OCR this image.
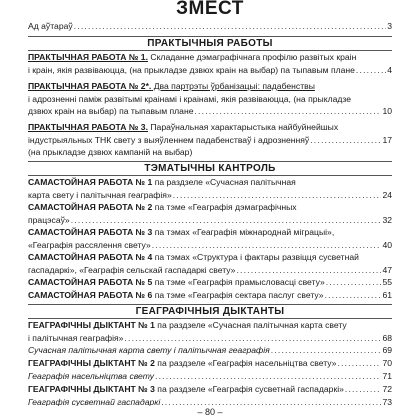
ЗМЕСТ
Ад аўтараў . . .	3
ПРАКТЫЧНЫЯ РАБОТЫ
ПРАКТЫЧНАЯ РАБОТА № 1. Складанне дэмаграфічнага профілю развітых краін
і краін, якія развіваюцца, (на прыкладзе дзвюх краін на выбар) па тыпавым плане . . .	4
ПРАКТЫЧНАЯ РАБОТА № 2*. Два партрэты ўрбанізацыі: падабенствы
і адрозненні паміж развітымі краінамі і краінамі, якія развіваюцца, (на прыкладзе
дзвюх краін на выбар) па тыпавым плане . . .	10
ПРАКТЫЧНАЯ РАБОТА № 3. Параўнальная характарыстыка найбуйнейшых
індустрыяльных ТНК свету з выяўленнем падабенстваў і адрозненняў . . .	17
(на прыкладзе дзвюх кампаній на выбар)
ТЭМАТЫЧНЫ КАНТРОЛЬ
САМАСТОЙНАЯ РАБОТА № 1 па раздзеле «Сучасная палітычная
карта свету і палітычная геаграфія» . . .	24
САМАСТОЙНАЯ РАБОТА № 2 па тэме «Геаграфія дэмаграфічных
працэсаў» . . .	32
САМАСТОЙНАЯ РАБОТА № 3 па тэмах «Геаграфія міжнароднай міграцыі»,
«Геаграфія рассялення свету» . . .	40
САМАСТОЙНАЯ РАБОТА № 4 па тэмах «Структура і фактары развіцця сусветнай
гаспадаркі», «Геаграфія сельскай гаспадаркі свету» . . .	47
САМАСТОЙНАЯ РАБОТА № 5 па тэме «Геаграфія прамысловасці свету» . . .	55
САМАСТОЙНАЯ РАБОТА № 6 па тэме «Геаграфія сектара паслуг свету» . . .	61
ГЕАГРАФІЧНЫЯ ДЫКТАНТЫ
ГЕАГРАФІЧНЫ ДЫКТАНТ № 1 па раздзеле «Сучасная палітычная карта свету
і палітычная геаграфія» . . .	68
Сучасная палітычная карта свету і палітычная геаграфія . . .	69
ГЕАГРАФІЧНЫ ДЫКТАНТ № 2 па раздзеле «Геаграфія насельніцтва свету» . . .	70
Геаграфія насельніцтва свету . . .	71
ГЕАГРАФІЧНЫ ДЫКТАНТ № 3 па раздзеле «Геаграфія сусветнай гаспадаркі» . . .	72
Геаграфія сусветнай гаспадаркі . . .	73
– 80 –
